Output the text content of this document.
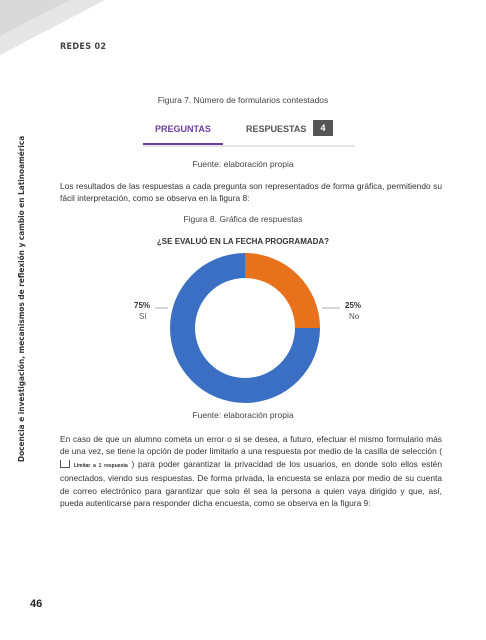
REDES 02
Docencia e investigación, mecanismos de reflexión y cambio en Latinoamérica
Figura 7. Número de formularios contestados
PREGUNTAS	RESPUESTAS	4
Fuente: elaboración propia
Los resultados de las respuestas a cada pregunta son representados de forma gráfica, permitiendo su fácil interpretación, como se observa en la figura 8:
Figura 8. Gráfica de respuestas
¿SE EVALUÓ EN LA FECHA PROGRAMADA?
75%
Sí
25%
No
Fuente: elaboración propia
En caso de que un alumno cometa un error o si se desea, a futuro, efectuar el mismo formulario más de una vez, se tiene la opción de poder limitarlo a una respuesta por medio de la casilla de selección ( Limitar a 1 respuesta ) para poder garantizar la privacidad de los usuarios, en donde solo ellos estén conectados, viendo sus respuestas. De forma privada, la encuesta se enlaza por medio de su cuenta de correo electrónico para garantizar que solo él sea la persona a quien vaya dirigido y que, así, pueda autenticarse para responder dicha encuesta, como se observa en la figura 9:
46
